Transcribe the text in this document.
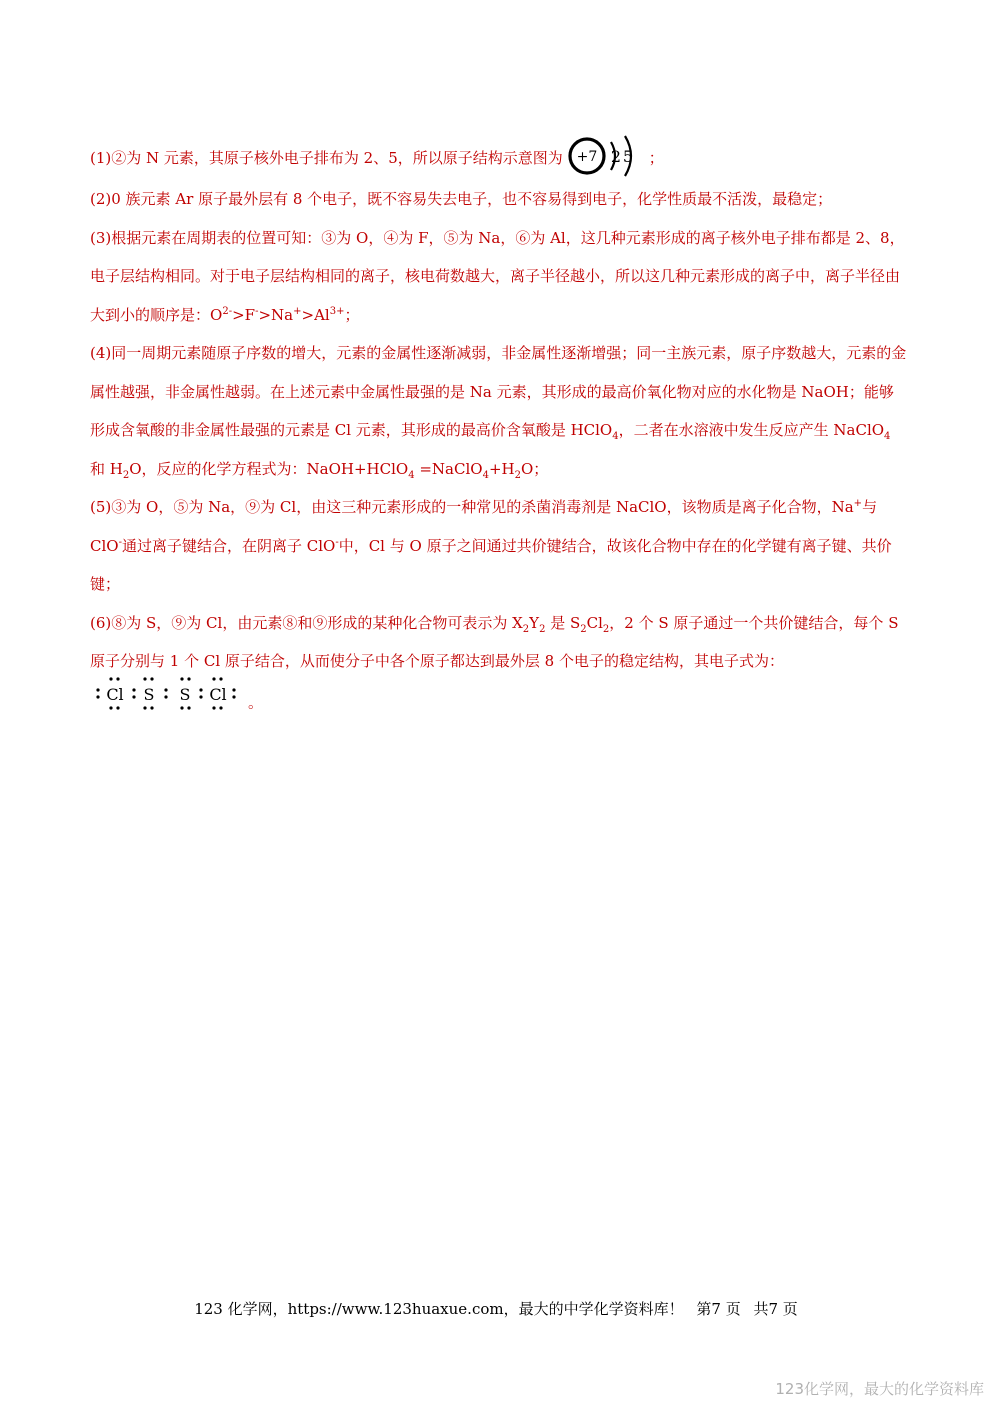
(1)②为 N 元素，其原子核外电子排布为 2、5，所以原子结构示意图为 +7 2 5 ；

(2)0 族元素 Ar 原子最外层有 8 个电子，既不容易失去电子，也不容易得到电子，化学性质最不活泼，最稳定；

(3)根据元素在周期表的位置可知：③为 O，④为 F，⑤为 Na，⑥为 Al，这几种元素形成的离子核外电子排布都是 2、8，电子层结构相同。对于电子层结构相同的离子，核电荷数越大，离子半径越小，所以这几种元素形成的离子中，离子半径由大到小的顺序是：$O^{2-}>F^->Na^+>Al^{3+}$；

(4)同一周期元素随原子序数的增大，元素的金属性逐渐减弱，非金属性逐渐增强；同一主族元素，原子序数越大，元素的金属性越强，非金属性越弱。在上述元素中金属性最强的是 Na 元素，其形成的最高价氧化物对应的水化物是 NaOH；能够形成含氧酸的非金属性最强的元素是 Cl 元素，其形成的最高价含氧酸是 HClO$_4$，二者在水溶液中发生反应产生 NaClO$_4$ 和 $H_2O$，反应的化学方程式为：NaOH+HClO$_4$ $=NaClO_4+H_2O$；

(5)③为 O，⑤为 Na，⑨为 Cl，由这三种元素形成的一种常见的杀菌消毒剂是 NaClO，该物质是离子化合物，Na+与 ClO-通过离子键结合，在阴离子 ClO-中，Cl 与 O 原子之间通过共价键结合，故该化合物中存在的化学键有离子键、共价键；

(6)⑧为 S，⑨为 Cl，由元素⑧和⑨形成的某种化合物可表示为 $X_2Y_2$ 是 $S_2Cl_2$，2 个 S 原子通过一个共价键结合，每个 S 原子分别与 1 个 Cl 原子结合，从而使分子中各个原子都达到最外层 8 个电子的稳定结构，其电子式为：
Cl S S Cl 。

123 化学网，https://www.123huaxue.com，最大的中学化学资料库！ 第7 页 共7 页
123化学网，最大的化学资料库
